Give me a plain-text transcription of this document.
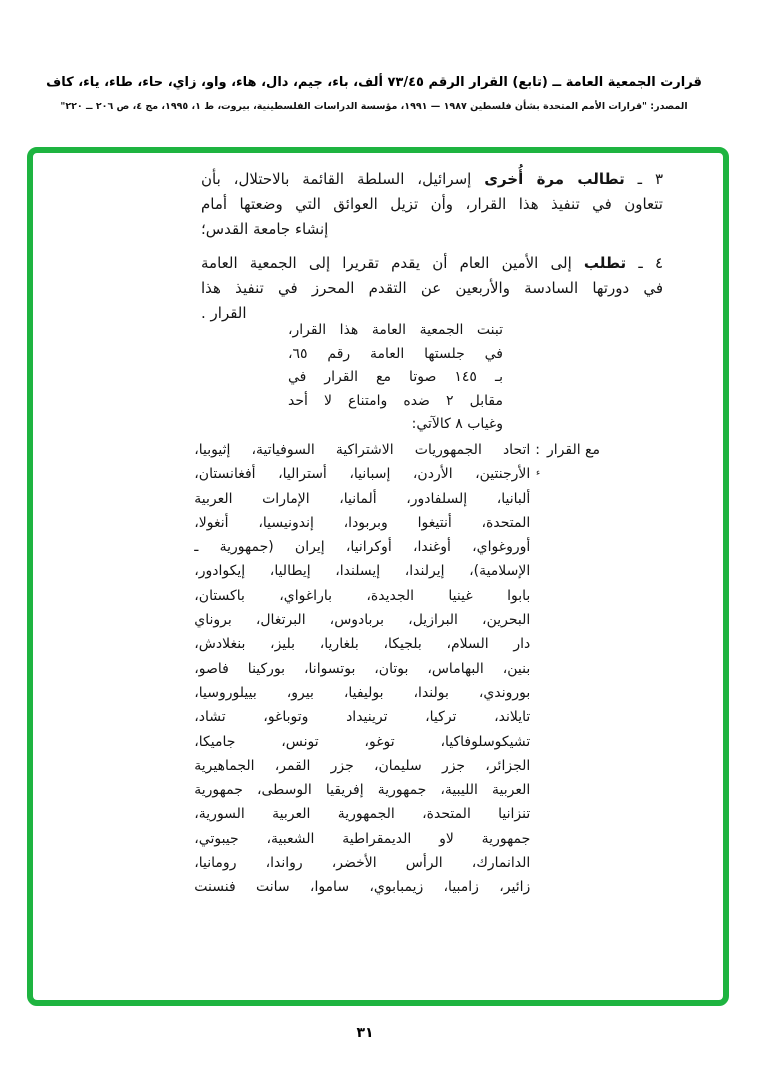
قرارت الجمعية العامة ــ (تابع) القرار الرقم ٧٣/٤٥ ألف، باء، جيم، دال، هاء، واو، زاي، حاء، طاء، ياء، كاف
المصدر: "قرارات الأمم المتحدة بشأن فلسطين ١٩٨٧ — ١٩٩١، مؤسسة الدراسات الفلسطينية، بيروت، ط ١، ١٩٩٥، مج ٤، ص ٢٠٦ ــ ٢٢٠"
٣ ـ تطالب مرة أُخرى إسرائيل، السلطة القائمة بالاحتلال، بأن
تتعاون في تنفيذ هذا القرار، وأن تزيل العوائق التي وضعتها أمام
إنشاء جامعة القدس؛
٤ ـ تطلب إلى الأمين العام أن يقدم تقريرا إلى الجمعية العامة
في دورتها السادسة والأربعين عن التقدم المحرز في تنفيذ هذا
القرار .
تبنت الجمعية العامة هذا القرار،
في جلستها العامة رقم ٦٥،
بـ ١٤٥ صوتا مع القرار في
مقابل ٢ ضده وامتناع لا أحد
وغياب ٨ كالآتي:
مع القرار
:
اتحاد الجمهوريات الاشتراكية السوفياتية، إثيوبيا،
الأرجنتين، الأردن، إسبانيا، أستراليا، أفغانستان،
ألبانيا، إلسلفادور، ألمانيا، الإمارات العربية
المتحدة، أنتيغوا وبربودا، إندونيسيا، أنغولا،
أوروغواي، أوغندا، أوكرانيا، إيران (جمهورية ـ
الإسلامية)، إيرلندا، إيسلندا، إيطاليا، إيكوادور،
بابوا غينيا الجديدة، باراغواي، باكستان،
البحرين، البرازيل، بربادوس، البرتغال، بروناي
دار السلام، بلجيكا، بلغاريا، بليز، بنغلادش،
بنين، البهاماس، بوتان، بوتسوانا، بوركينا فاصو،
بوروندي، بولندا، بوليفيا، بيرو، بييلوروسيا،
تايلاند، تركيا، ترينيداد وتوباغو، تشاد،
تشيكوسلوفاكيا، توغو، تونس، جاميكا،
الجزائر، جزر سليمان، جزر القمر، الجماهيرية
العربية الليبية، جمهورية إفريقيا الوسطى، جمهورية
تنزانيا المتحدة، الجمهورية العربية السورية،
جمهورية لاو الديمقراطية الشعبية، جيبوتي،
الدانمارك، الرأس الأخضر، رواندا، رومانيا،
زائير، زامبيا، زيمبابوي، ساموا، سانت فنسنت
ء
٣١
